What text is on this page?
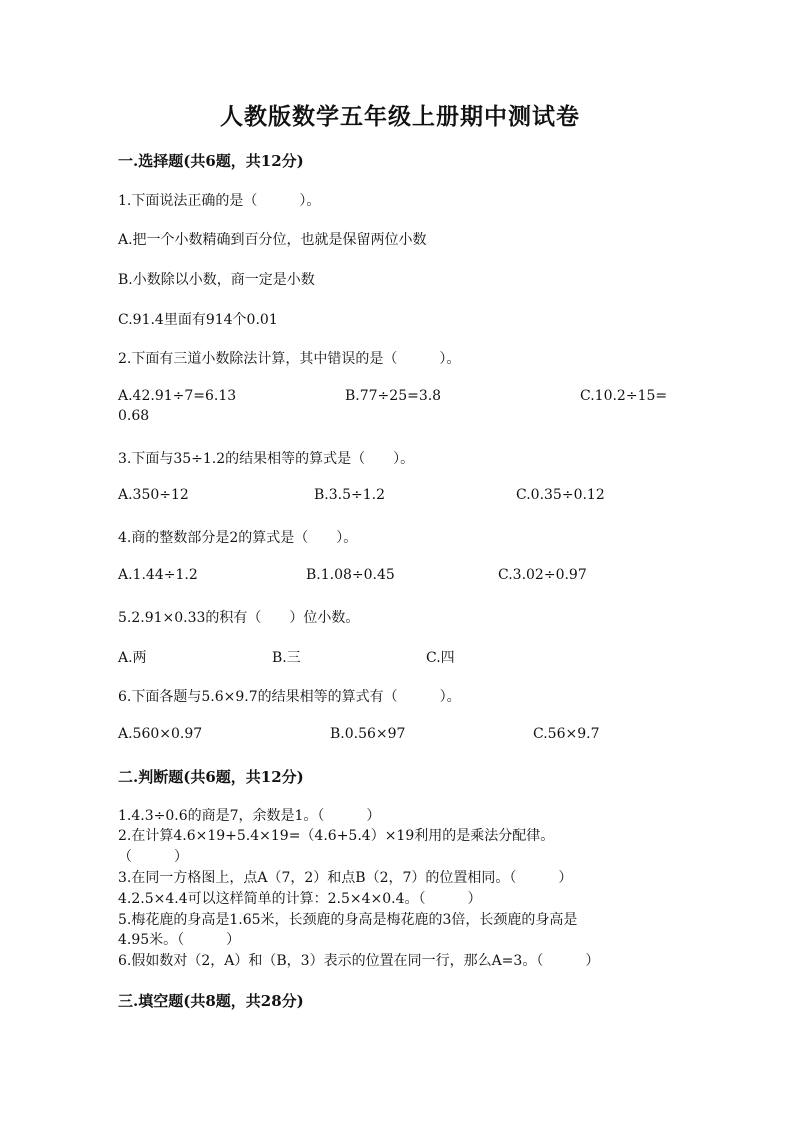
人教版数学五年级上册期中测试卷
一.选择题(共6题，共12分)
1.下面说法正确的是（　　　）。
A.把一个小数精确到百分位，也就是保留两位小数
B.小数除以小数，商一定是小数
C.91.4里面有914个0.01
2.下面有三道小数除法计算，其中错误的是（　　　）。
A.42.91÷7=6.13	B.77÷25=3.8	C.10.2÷15=
0.68
3.下面与35÷1.2的结果相等的算式是（　　）。
A.350÷12	B.3.5÷1.2	C.0.35÷0.12
4.商的整数部分是2的算式是（　　）。
A.1.44÷1.2	B.1.08÷0.45	C.3.02÷0.97
5.2.91×0.33的积有（　　）位小数。
A.两	B.三	C.四
6.下面各题与5.6×9.7的结果相等的算式有（　　　）。
A.560×0.97	B.0.56×97	C.56×9.7
二.判断题(共6题，共12分)
1.4.3÷0.6的商是7，余数是1。（　　　）
2.在计算4.6×19+5.4×19=（4.6+5.4）×19利用的是乘法分配律。
（　　　）
3.在同一方格图上，点A（7，2）和点B（2，7）的位置相同。（　　　）
4.2.5×4.4可以这样简单的计算：2.5×4×0.4。（　　　）
5.梅花鹿的身高是1.65米，长颈鹿的身高是梅花鹿的3倍，长颈鹿的身高是
4.95米。（　　　）
6.假如数对（2，A）和（B，3）表示的位置在同一行，那么A=3。（　　　）
三.填空题(共8题，共28分)
